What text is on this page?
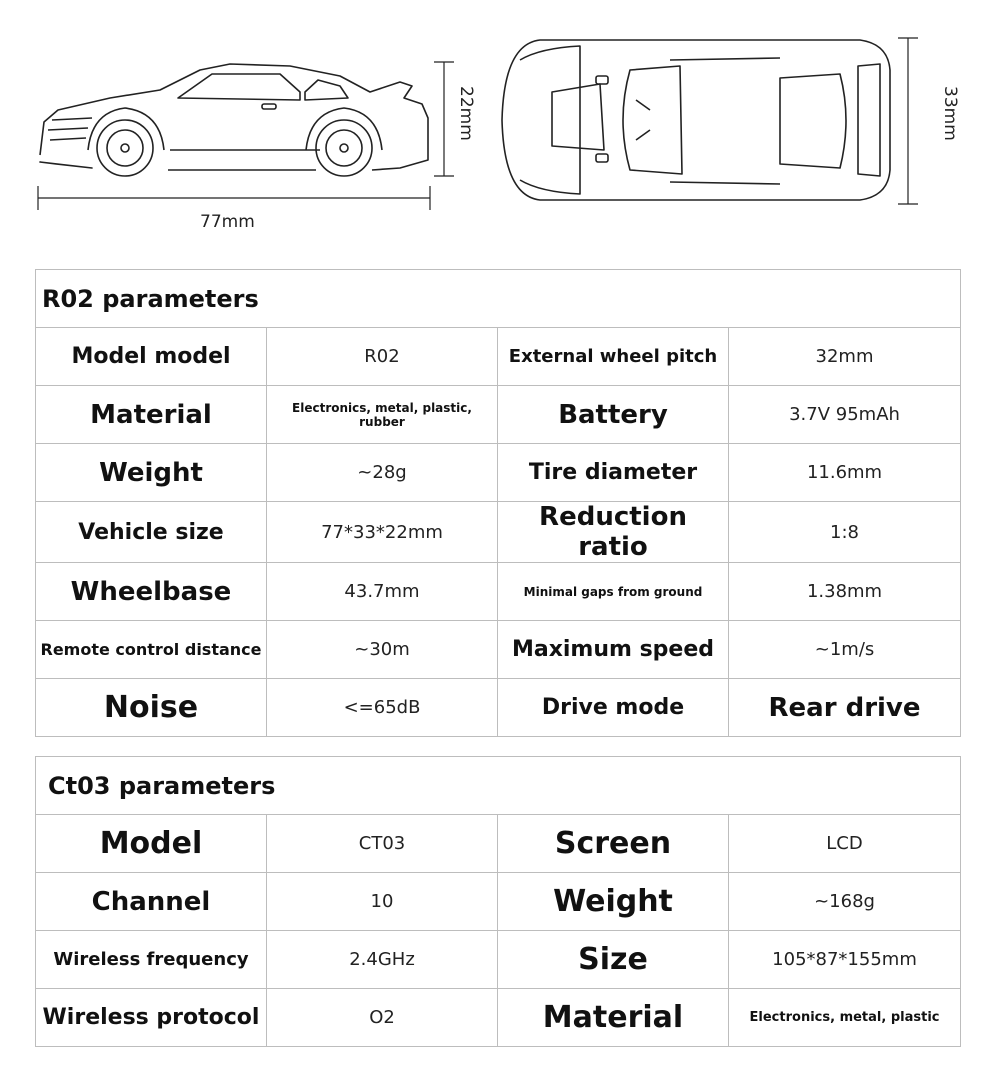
77mm
22mm	33mm
R02 parameters			
Model model	R02	External wheel pitch	32mm
Material	Electronics, metal, plastic, rubber	Battery	3.7V 95mAh
Weight	~28g	Tire diameter	11.6mm
Vehicle size	77*33*22mm	Reduction ratio	1:8
Wheelbase	43.7mm	Minimal gaps from ground	1.38mm
Remote control distance	~30m	Maximum speed	~1m/s
Noise	<=65dB	Drive mode	Rear drive
Ct03 parameters			
Model	CT03	Screen	LCD
Channel	10	Weight	~168g
Wireless frequency	2.4GHz	Size	105*87*155mm
Wireless protocol	O2	Material	Electronics, metal, plastic
